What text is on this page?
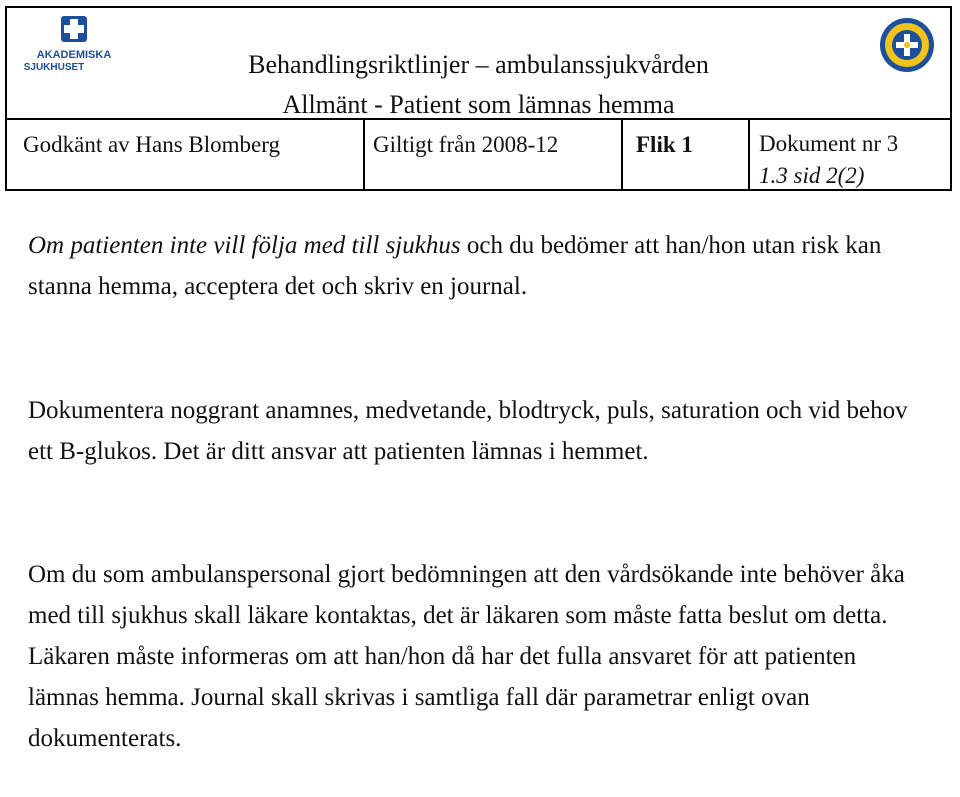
AKADEMISKA
SJUKHUSET	Behandlingsriktlinjer – ambulanssjukvården
Allmänt - Patient som lämnas hemma
Godkänt av Hans Blomberg	Giltigt från 2008-12	Flik 1	Dokument nr 3
1.3 sid 2(2)
Om patienten inte vill följa med till sjukhus och du bedömer att han/hon utan risk kan stanna hemma, acceptera det och skriv en journal.
Dokumentera noggrant anamnes, medvetande, blodtryck, puls, saturation och vid behov ett B-glukos. Det är ditt ansvar att patienten lämnas i hemmet.
Om du som ambulanspersonal gjort bedömningen att den vårdsökande inte behöver åka med till sjukhus skall läkare kontaktas, det är läkaren som måste fatta beslut om detta. Läkaren måste informeras om att han/hon då har det fulla ansvaret för att patienten lämnas hemma. Journal skall skrivas i samtliga fall där parametrar enligt ovan dokumenterats.
